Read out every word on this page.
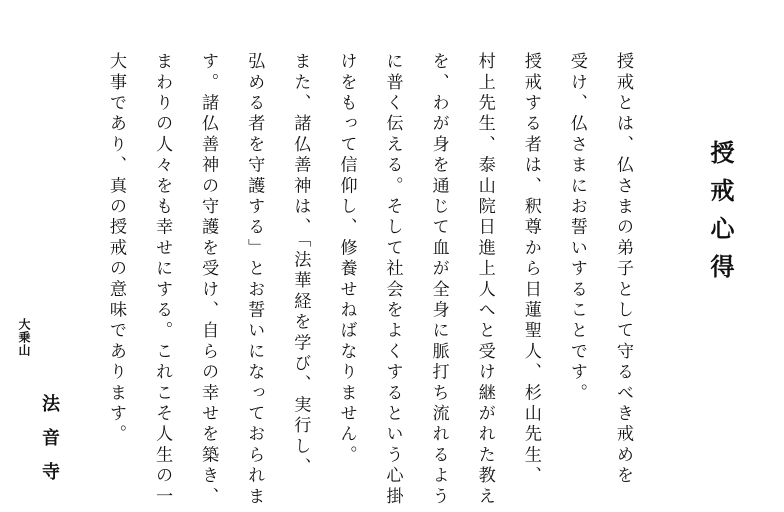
授戒心得
授戒とは、仏さまの弟子として守るべき戒めを
受け、仏さまにお誓いすることです。
授戒する者は、釈尊から日蓮聖人、杉山先生、
村上先生、泰山院日進上人へと受け継がれた教え
を、わが身を通じて血が全身に脈打ち流れるよう
に普く伝える。そして社会をよくするという心掛
けをもって信仰し、修養せねばなりません。
また、諸仏善神は、「法華経を学び、実行し、
弘める者を守護する」とお誓いになっておられま
す。諸仏善神の守護を受け、自らの幸せを築き、
まわりの人々をも幸せにする。これこそ人生の一
大事であり、真の授戒の意味であります。
大乗山
法音寺
